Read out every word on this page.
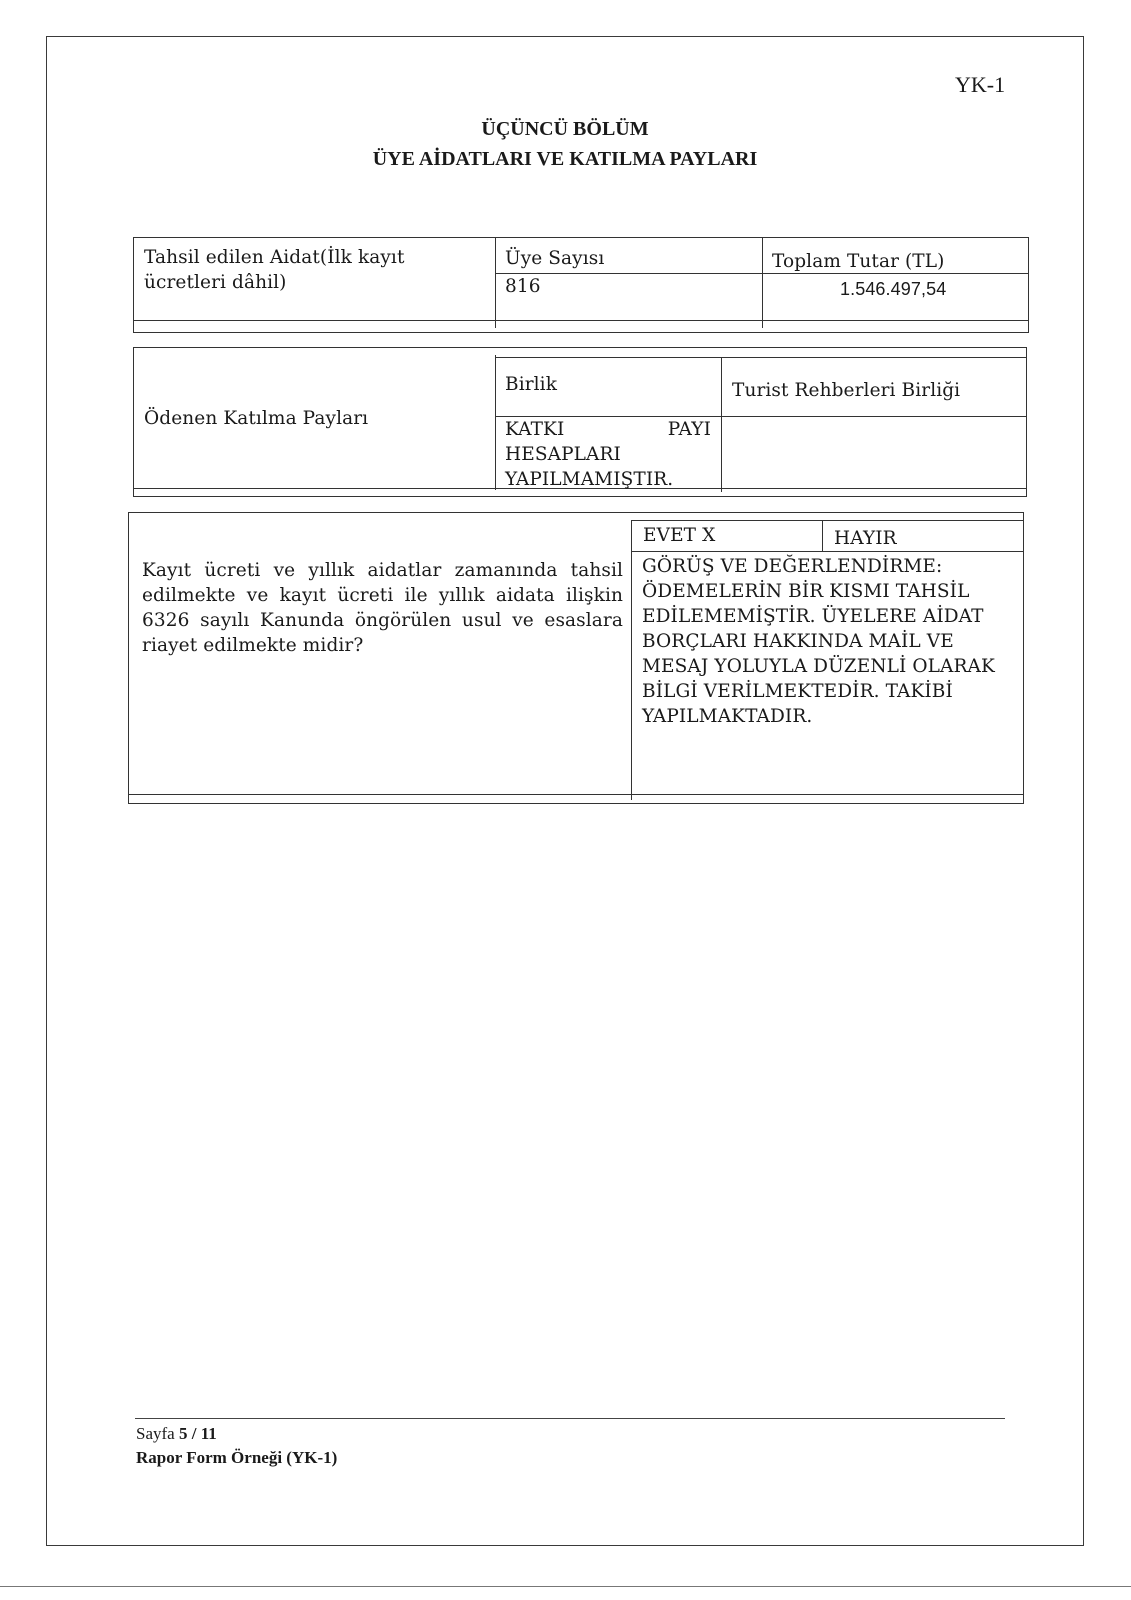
YK-1
ÜÇÜNCÜ BÖLÜM
ÜYE AİDATLARI VE KATILMA PAYLARI
Tahsil edilen Aidat(İlk kayıt ücretleri dâhil)
Üye Sayısı
816
Toplam Tutar (TL)
1.546.497,54
Ödenen Katılma Payları
Birlik	Turist Rehberleri Birliği
KATKI PAYI HESAPLARI YAPILMAMIŞTIR.
Kayıt ücreti ve yıllık aidatlar zamanında tahsil edilmekte ve kayıt ücreti ile yıllık aidata ilişkin 6326 sayılı Kanunda öngörülen usul ve esaslara riayet edilmekte midir?
EVET X	HAYIR
GÖRÜŞ VE DEĞERLENDİRME: ÖDEMELERİN BİR KISMI TAHSİL EDİLEMEMİŞTİR. ÜYELERE AİDAT BORÇLARI HAKKINDA MAİL VE MESAJ YOLUYLA DÜZENLİ OLARAK BİLGİ VERİLMEKTEDİR. TAKİBİ YAPILMAKTADIR.
Sayfa 5 / 11
Rapor Form Örneği (YK-1)
